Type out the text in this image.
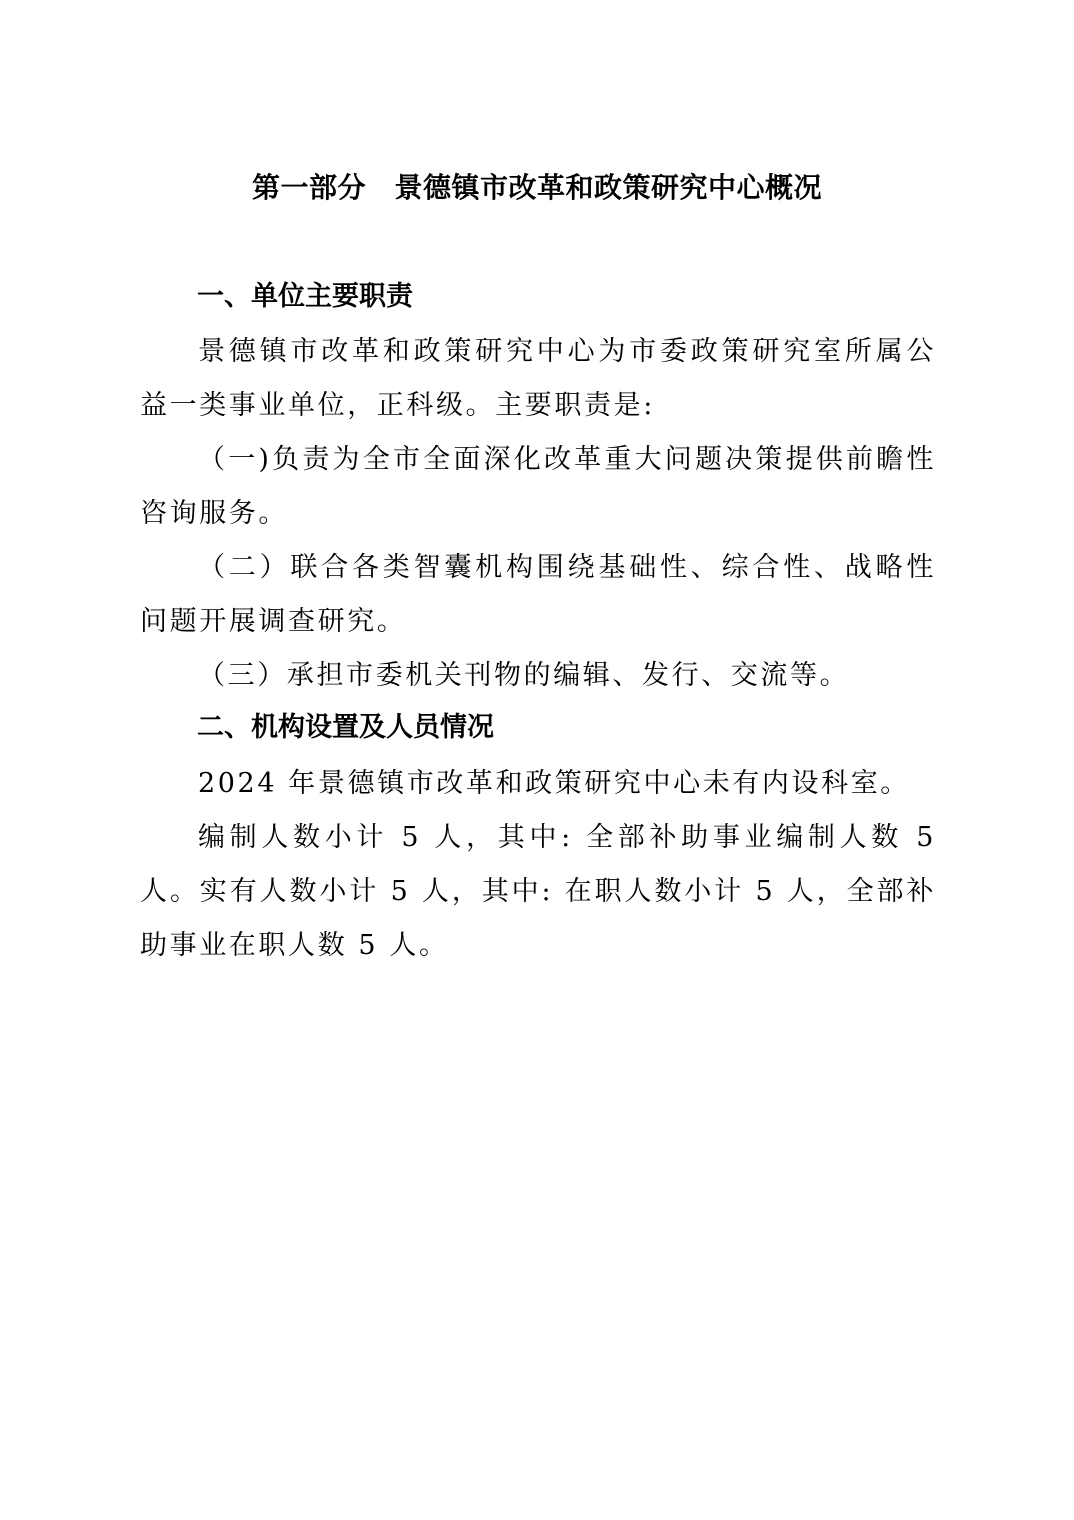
第一部分　景德镇市改革和政策研究中心概况
一、单位主要职责
景德镇市改革和政策研究中心为市委政策研究室所属公益一类事业单位，正科级。主要职责是:
（一)负责为全市全面深化改革重大问题决策提供前瞻性咨询服务。
（二）联合各类智囊机构围绕基础性、综合性、战略性问题开展调查研究。
（三）承担市委机关刊物的编辑、发行、交流等。
二、机构设置及人员情况
2024 年景德镇市改革和政策研究中心未有内设科室。
编制人数小计 5 人，其中: 全部补助事业编制人数 5 人。实有人数小计 5 人，其中: 在职人数小计 5 人，全部补助事业在职人数 5 人。
